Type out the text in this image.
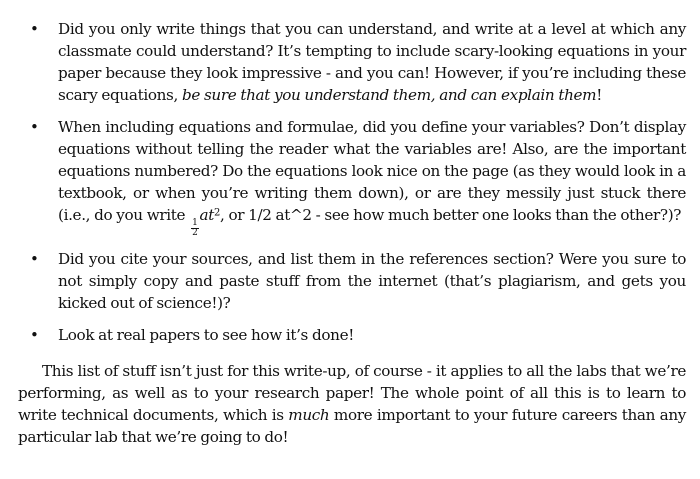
• Did you only write things that you can understand, and write at a level at which any classmate could understand? It’s tempting to include scary-looking equations in your paper because they look impressive - and you can! However, if you’re including these scary equations, be sure that you understand them, and can explain them!
• When including equations and formulae, did you define your variables? Don’t display equations without telling the reader what the variables are! Also, are the important equations numbered? Do the equations look nice on the page (as they would look in a textbook, or when you’re writing them down), or are they messily just stuck there (i.e., do you write
$\frac{1}{2}$
$at^2$, or 1/2 at^2 - see how much better one looks than the other?)?
• Did you cite your sources, and list them in the references section? Were you sure to not simply copy and paste stuff from the internet (that’s plagiarism, and gets you kicked out of science!)?
• Look at real papers to see how it’s done!

This list of stuff isn’t just for this write-up, of course - it applies to all the labs that we’re performing, as well as to your research paper! The whole point of all this is to learn to write technical documents, which is much more important to your future careers than any particular lab that we’re going to do!
